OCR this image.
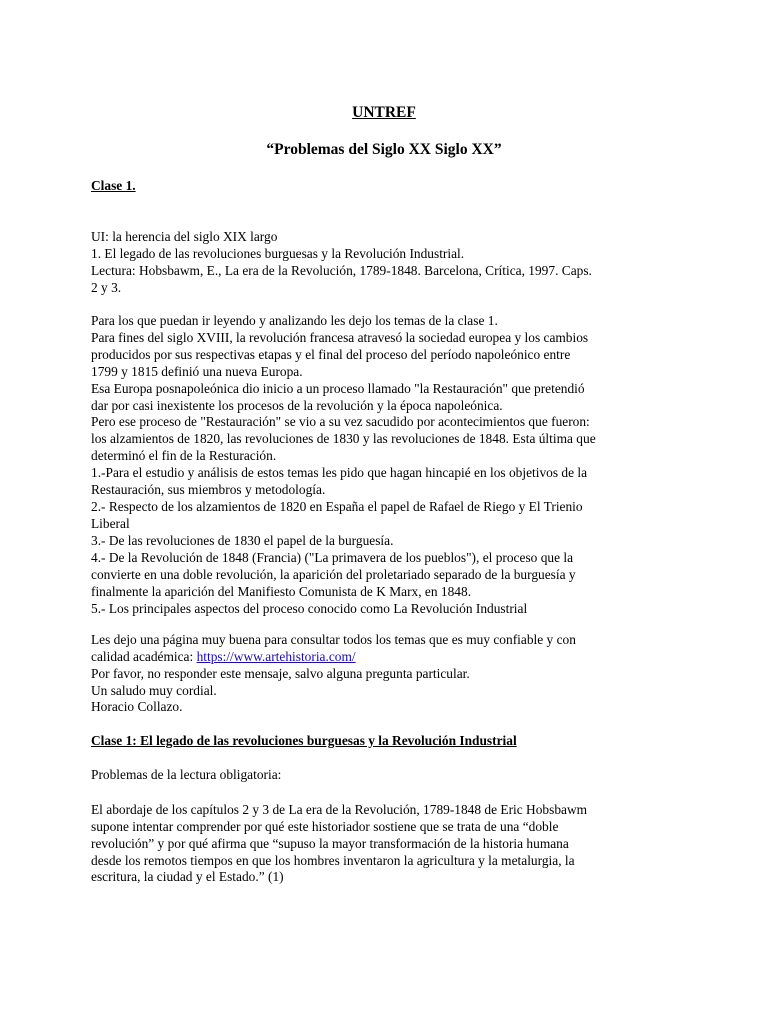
UNTREF
“Problemas del Siglo XX Siglo XX”
Clase 1.
UI: la herencia del siglo XIX largo
1. El legado de las revoluciones burguesas y la Revolución Industrial.
Lectura: Hobsbawm, E., La era de la Revolución, 1789-1848. Barcelona, Crítica, 1997. Caps.
2 y 3.
Para los que puedan ir leyendo y analizando les dejo los temas de la clase 1.
Para fines del siglo XVIII, la revolución francesa atravesó la sociedad europea y los cambios
producidos por sus respectivas etapas y el final del proceso del período napoleónico entre
1799 y 1815 definió una nueva Europa.
Esa Europa posnapoleónica dio inicio a un proceso llamado "la Restauración" que pretendió
dar por casi inexistente los procesos de la revolución y la época napoleónica.
Pero ese proceso de "Restauración" se vio a su vez sacudido por acontecimientos que fueron:
los alzamientos de 1820, las revoluciones de 1830 y las revoluciones de 1848. Esta última que
determinó el fin de la Resturación.
1.-Para el estudio y análisis de estos temas les pido que hagan hincapié en los objetivos de la
Restauración, sus miembros y metodología.
2.- Respecto de los alzamientos de 1820 en España el papel de Rafael de Riego y El Trienio
Liberal
3.- De las revoluciones de 1830 el papel de la burguesía.
4.- De la Revolución de 1848 (Francia) ("La primavera de los pueblos"), el proceso que la
convierte en una doble revolución, la aparición del proletariado separado de la burguesía y
finalmente la aparición del Manifiesto Comunista de K Marx, en 1848.
5.- Los principales aspectos del proceso conocido como La Revolución Industrial
Les dejo una página muy buena para consultar todos los temas que es muy confiable y con
calidad académica: https://www.artehistoria.com/
Por favor, no responder este mensaje, salvo alguna pregunta particular.
Un saludo muy cordial.
Horacio Collazo.
Clase 1: El legado de las revoluciones burguesas y la Revolución Industrial
Problemas de la lectura obligatoria:
El abordaje de los capítulos 2 y 3 de La era de la Revolución, 1789-1848 de Eric Hobsbawm
supone intentar comprender por qué este historiador sostiene que se trata de una “doble
revolución” y por qué afirma que “supuso la mayor transformación de la historia humana
desde los remotos tiempos en que los hombres inventaron la agricultura y la metalurgia, la
escritura, la ciudad y el Estado.” (1)
